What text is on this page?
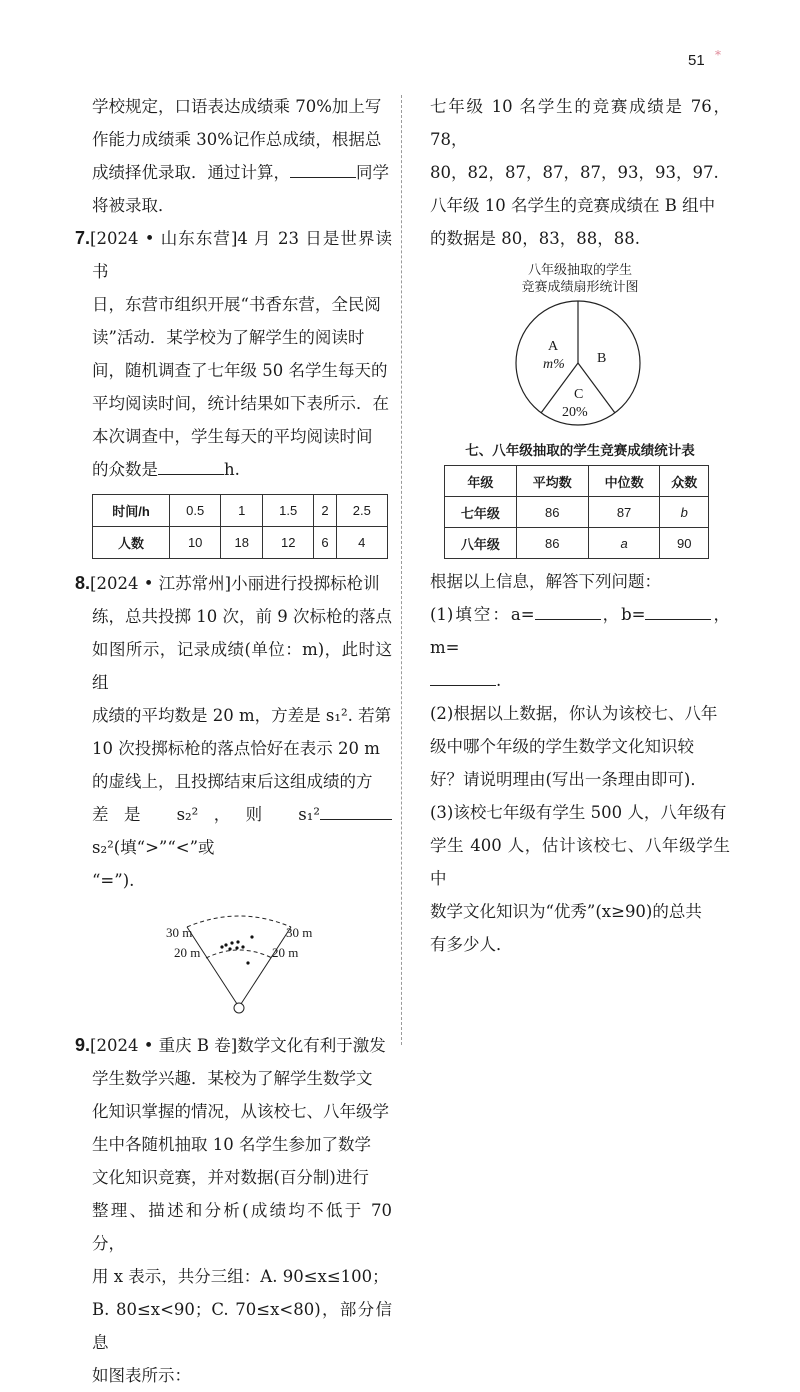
51 *

学校规定，口语表达成绩乘 70%加上写

作能力成绩乘 30%记作总成绩，根据总

成绩择优录取．通过计算，	同学

将被录取．

7.[2024 • 山东东营]4 月 23 日是世界读书

日，东营市组织开展“书香东营，全民阅

读”活动．某学校为了解学生的阅读时

间，随机调查了七年级 50 名学生每天的

平均阅读时间，统计结果如下表所示．在

本次调查中，学生每天的平均阅读时间

的众数是	h.

时间/h	0.5	1	1.5	2	2.5
人数	10	18	12	6	4

8.[2024 • 江苏常州]小丽进行投掷标枪训

练，总共投掷 10 次，前 9 次标枪的落点

如图所示，记录成绩(单位：m)，此时这组

成绩的平均数是 20 m，方差是 s₁². 若第

10 次投掷标枪的落点恰好在表示 20 m

的虚线上，且投掷结束后这组成绩的方

差是 s₂²，则 s₁²s₂²(填“>”“<”或

“=”).

30 m	30 m
20 m	20 m

9.[2024 • 重庆 B 卷]数学文化有利于激发

学生数学兴趣．某校为了解学生数学文

化知识掌握的情况，从该校七、八年级学

生中各随机抽取 10 名学生参加了数学

文化知识竞赛，并对数据(百分制)进行

整理、描述和分析(成绩均不低于 70 分，

用 x 表示，共分三组：A. 90≤x≤100；

B. 80≤x<90；C. 70≤x<80)，部分信息

如图表所示：

七年级 10 名学生的竞赛成绩是 76，78，

80，82，87，87，87，93，93，97.

八年级 10 名学生的竞赛成绩在 B 组中

的数据是 80，83，88，88.

八年级抽取的学生
竞赛成绩扇形统计图
A
m% B
C
20%
七、八年级抽取的学生竞赛成绩统计表
年级	平均数	中位数	众数
七年级	86	87	b
八年级	86	a	90

根据以上信息，解答下列问题：

(1)填空：a=	，b=	，m=

.

(2)根据以上数据，你认为该校七、八年

级中哪个年级的学生数学文化知识较

好？请说明理由(写出一条理由即可)．

(3)该校七年级有学生 500 人，八年级有

学生 400 人，估计该校七、八年级学生中

数学文化知识为“优秀”(x≥90)的总共

有多少人．
